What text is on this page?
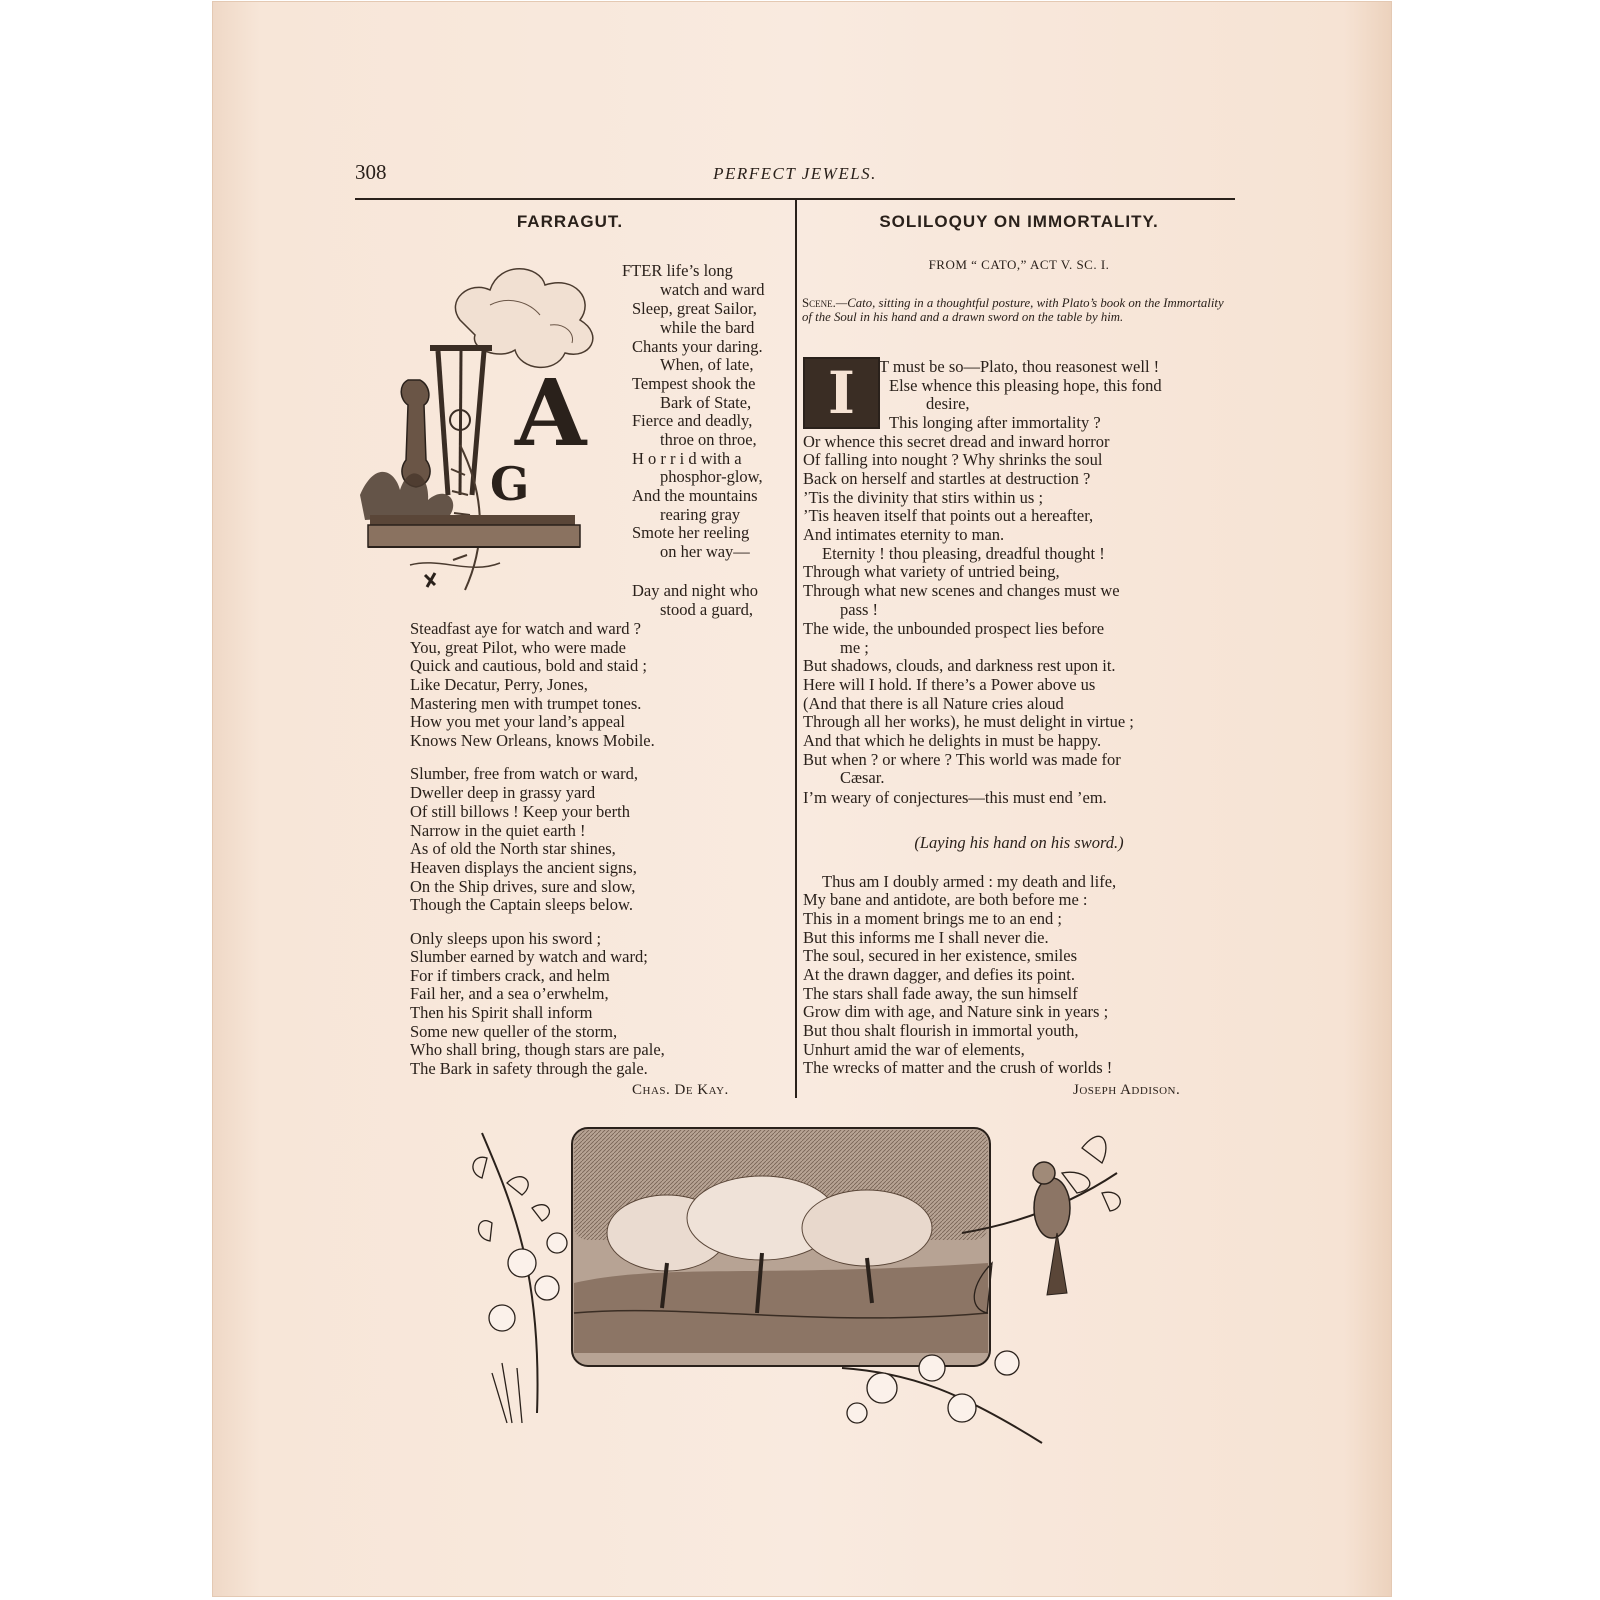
308	PERFECT JEWELS.
FARRAGUT.
A
G
FTER life’s long
watch and ward
Sleep, great Sailor,
while the bard
Chants your daring.
When, of late,
Tempest shook the
Bark of State,
Fierce and deadly,
throe on throe,
H o r r i d with a
phosphor-glow,
And the mountains
rearing gray
Smote her reeling
on her way—
Day and night who
stood a guard,
Steadfast aye for watch and ward ?
You, great Pilot, who were made
Quick and cautious, bold and staid ;
Like Decatur, Perry, Jones,
Mastering men with trumpet tones.
How you met your land’s appeal
Knows New Orleans, knows Mobile.
Slumber, free from watch or ward,
Dweller deep in grassy yard
Of still billows ! Keep your berth
Narrow in the quiet earth !
As of old the North star shines,
Heaven displays the ancient signs,
On the Ship drives, sure and slow,
Though the Captain sleeps below.
Only sleeps upon his sword ;
Slumber earned by watch and ward;
For if timbers crack, and helm
Fail her, and a sea o’erwhelm,
Then his Spirit shall inform
Some new queller of the storm,
Who shall bring, though stars are pale,
The Bark in safety through the gale.
Chas. De Kay.
SOLILOQUY ON IMMORTALITY.
FROM “ CATO,” ACT V. SC. I.
Scene.—Cato, sitting in a thoughtful posture, with Plato’s book on the Immortality of the Soul in his hand and a drawn sword on the table by him.
I T must be so—Plato, thou reasonest well !
Else whence this pleasing hope, this fond
desire,
This longing after immortality ?
Or whence this secret dread and inward horror
Of falling into nought ? Why shrinks the soul
Back on herself and startles at destruction ?
’Tis the divinity that stirs within us ;
’Tis heaven itself that points out a hereafter,
And intimates eternity to man.
Eternity ! thou pleasing, dreadful thought !
Through what variety of untried being,
Through what new scenes and changes must we
pass !
The wide, the unbounded prospect lies before
me ;
But shadows, clouds, and darkness rest upon it.
Here will I hold. If there’s a Power above us
(And that there is all Nature cries aloud
Through all her works), he must delight in virtue ;
And that which he delights in must be happy.
But when ? or where ? This world was made for
Cæsar.
I’m weary of conjectures—this must end ’em.
(Laying his hand on his sword.)
Thus am I doubly armed : my death and life,
My bane and antidote, are both before me :
This in a moment brings me to an end ;
But this informs me I shall never die.
The soul, secured in her existence, smiles
At the drawn dagger, and defies its point.
The stars shall fade away, the sun himself
Grow dim with age, and Nature sink in years ;
But thou shalt flourish in immortal youth,
Unhurt amid the war of elements,
The wrecks of matter and the crush of worlds !
Joseph Addison.
